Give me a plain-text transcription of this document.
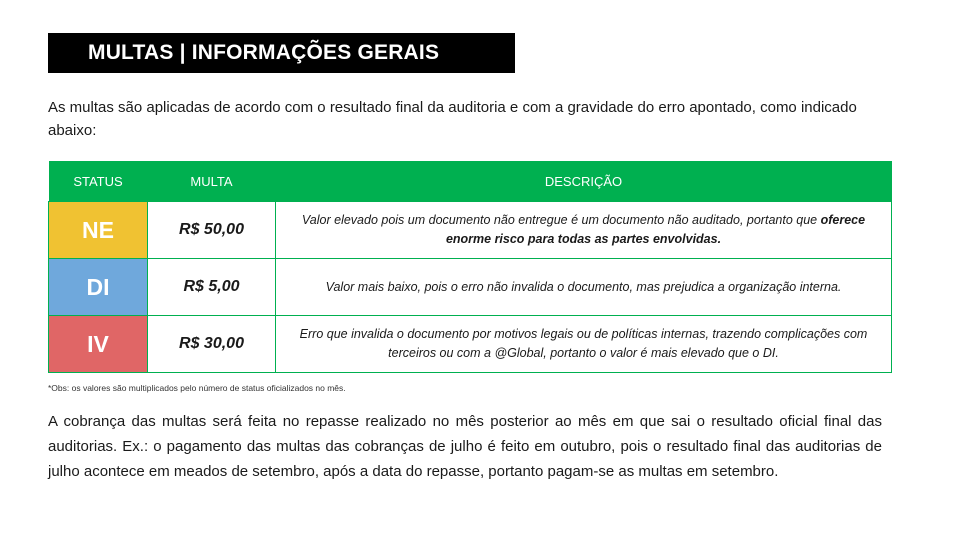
MULTAS | INFORMAÇÕES GERAIS
As multas são aplicadas de acordo com o resultado final da auditoria e com a gravidade do erro apontado, como indicado abaixo:
STATUS	MULTA	DESCRIÇÃO
NE	R$ 50,00	Valor elevado pois um documento não entregue é um documento não auditado, portanto que oferece enorme risco para todas as partes envolvidas.
DI	R$ 5,00	Valor mais baixo, pois o erro não invalida o documento, mas prejudica a organização interna.
IV	R$ 30,00	Erro que invalida o documento por motivos legais ou de políticas internas, trazendo complicações com terceiros ou com a @Global, portanto o valor é mais elevado que o DI.
*Obs: os valores são multiplicados pelo número de status oficializados no mês.
A cobrança das multas será feita no repasse realizado no mês posterior ao mês em que sai o resultado oficial final das auditorias. Ex.: o pagamento das multas das cobranças de julho é feito em outubro, pois o resultado final das auditorias de julho acontece em meados de setembro, após a data do repasse, portanto pagam-se as multas em setembro.
